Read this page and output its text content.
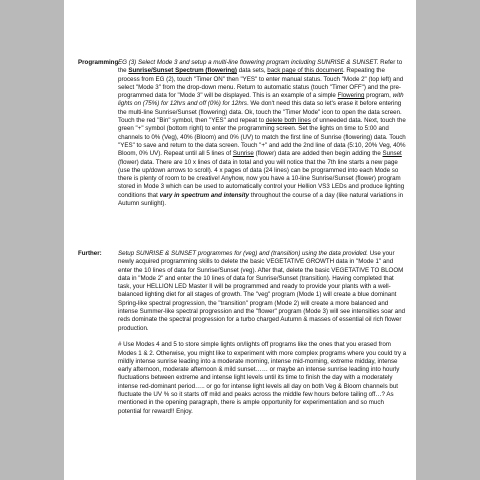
Programming EG (3) Select Mode 3 and setup a multi-line flowering program including SUNRISE & SUNSET. Refer to the Sunrise/Sunset Spectrum (flowering) data sets, back page of this document. Repeating the process from EG (2), touch "Timer ON" then "YES" to enter manual status. Touch "Mode 2" (top left) and select "Mode 3" from the drop-down menu. Return to automatic status (touch "Timer OFF") and the pre-programmed data for "Mode 3" will be displayed. This is an example of a simple Flowering program, with lights on (75%) for 12hrs and off (0%) for 12hrs. We don't need this data so let's erase it before entering the multi-line Sunrise/Sunset (flowering) data. Ok, touch the "Timer Mode" icon to open the data screen. Touch the red "Bin" symbol, then "YES" and repeat to delete both lines of unneeded data. Next, touch the green "+" symbol (bottom right) to enter the programming screen. Set the lights on time to 5:00 and channels to 0% (Veg), 40% (Bloom) and 0% (UV) to match the first line of Sunrise (flowering) data. Touch "YES" to save and return to the data screen. Touch "+" and add the 2nd line of data (5:10, 20% Veg, 40% Bloom, 0% UV). Repeat until all 5 lines of Sunrise (flower) data are added then begin adding the Sunset (flower) data. There are 10 x lines of data in total and you will notice that the 7th line starts a new page (use the up/down arrows to scroll). 4 x pages of data (24 lines) can be programmed into each Mode so there is plenty of room to be creative! Anyhow, now you have a 10-line Sunrise/Sunset (flower) program stored in Mode 3 which can be used to automatically control your Hellion VS3 LEDs and produce lighting conditions that vary in spectrum and intensity throughout the course of a day (like natural variations in Autumn sunlight).

Further:	Setup SUNRISE & SUNSET programmes for (veg) and (transition) using the data provided. Use your newly acquired programming skills to delete the basic VEGETATIVE GROWTH data in "Mode 1" and enter the 10 lines of data for Sunrise/Sunset (veg). After that, delete the basic VEGETATIVE TO BLOOM data in "Mode 2" and enter the 10 lines of data for Sunrise/Sunset (transition). Having completed that task, your HELLION LED Master II will be programmed and ready to provide your plants with a well-balanced lighting diet for all stages of growth. The "veg" program (Mode 1) will create a blue dominant Spring-like spectral progression, the "transition" program (Mode 2) will create a more balanced and intense Summer-like spectral progression and the "flower" program (Mode 3) will see intensities soar and reds dominate the spectral progression for a turbo charged Autumn & masses of essential oil rich flower production.

# Use Modes 4 and 5 to store simple lights on/lights off programs like the ones that you erased from Modes 1 & 2. Otherwise, you might like to experiment with more complex programs where you could try a mildly intense sunrise leading into a moderate morning, intense mid-morning, extreme midday, intense early afternoon, moderate afternoon & mild sunset…… or maybe an intense sunrise leading into hourly fluctuations between extreme and intense light levels until its time to finish the day with a moderately intense red-dominant period….. or go for intense light levels all day on both Veg & Bloom channels but fluctuate the UV % so it starts off mild and peaks across the middle few hours before tailing off…? As mentioned in the opening paragraph, there is ample opportunity for experimentation and so much potential for reward!! Enjoy.
